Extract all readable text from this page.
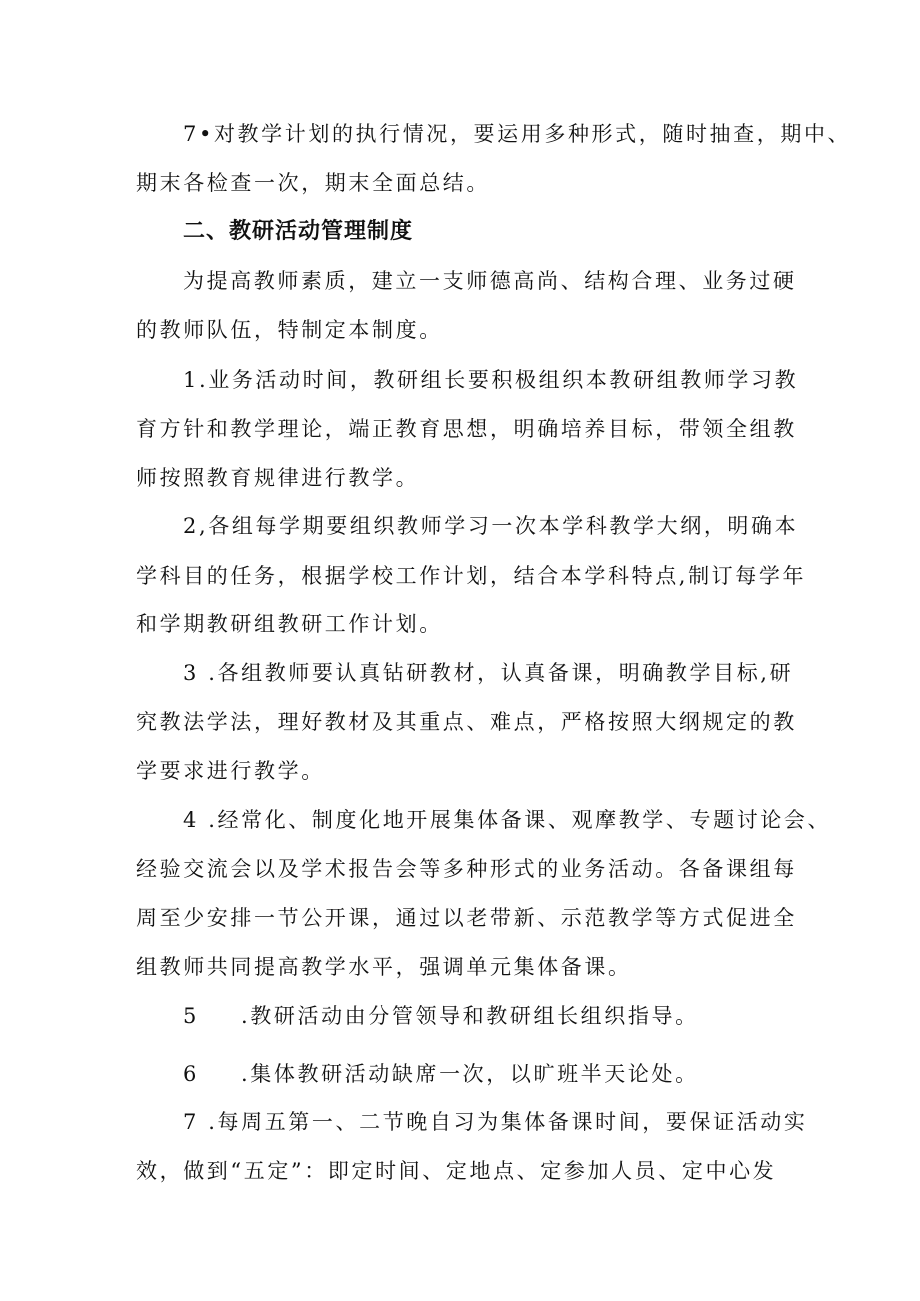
7•对教学计划的执行情况，要运用多种形式，随时抽查，期中、
期末各检查一次，期末全面总结。
二、教研活动管理制度
为提高教师素质，建立一支师德高尚、结构合理、业务过硬
的教师队伍，特制定本制度。
1.业务活动时间，教研组长要积极组织本教研组教师学习教
育方针和教学理论，端正教育思想，明确培养目标，带领全组教
师按照教育规律进行教学。
2,各组每学期要组织教师学习一次本学科教学大纲，明确本
学科目的任务，根据学校工作计划，结合本学科特点,制订每学年
和学期教研组教研工作计划。
3 .各组教师要认真钻研教材，认真备课，明确教学目标,研
究教法学法，理好教材及其重点、难点，严格按照大纲规定的教
学要求进行教学。
4 .经常化、制度化地开展集体备课、观摩教学、专题讨论会、
经验交流会以及学术报告会等多种形式的业务活动。各备课组每
周至少安排一节公开课，通过以老带新、示范教学等方式促进全
组教师共同提高教学水平，强调单元集体备课。
5 .教研活动由分管领导和教研组长组织指导。
6 .集体教研活动缺席一次，以旷班半天论处。
7 .每周五第一、二节晚自习为集体备课时间，要保证活动实
效，做到“五定”：即定时间、定地点、定参加人员、定中心发
